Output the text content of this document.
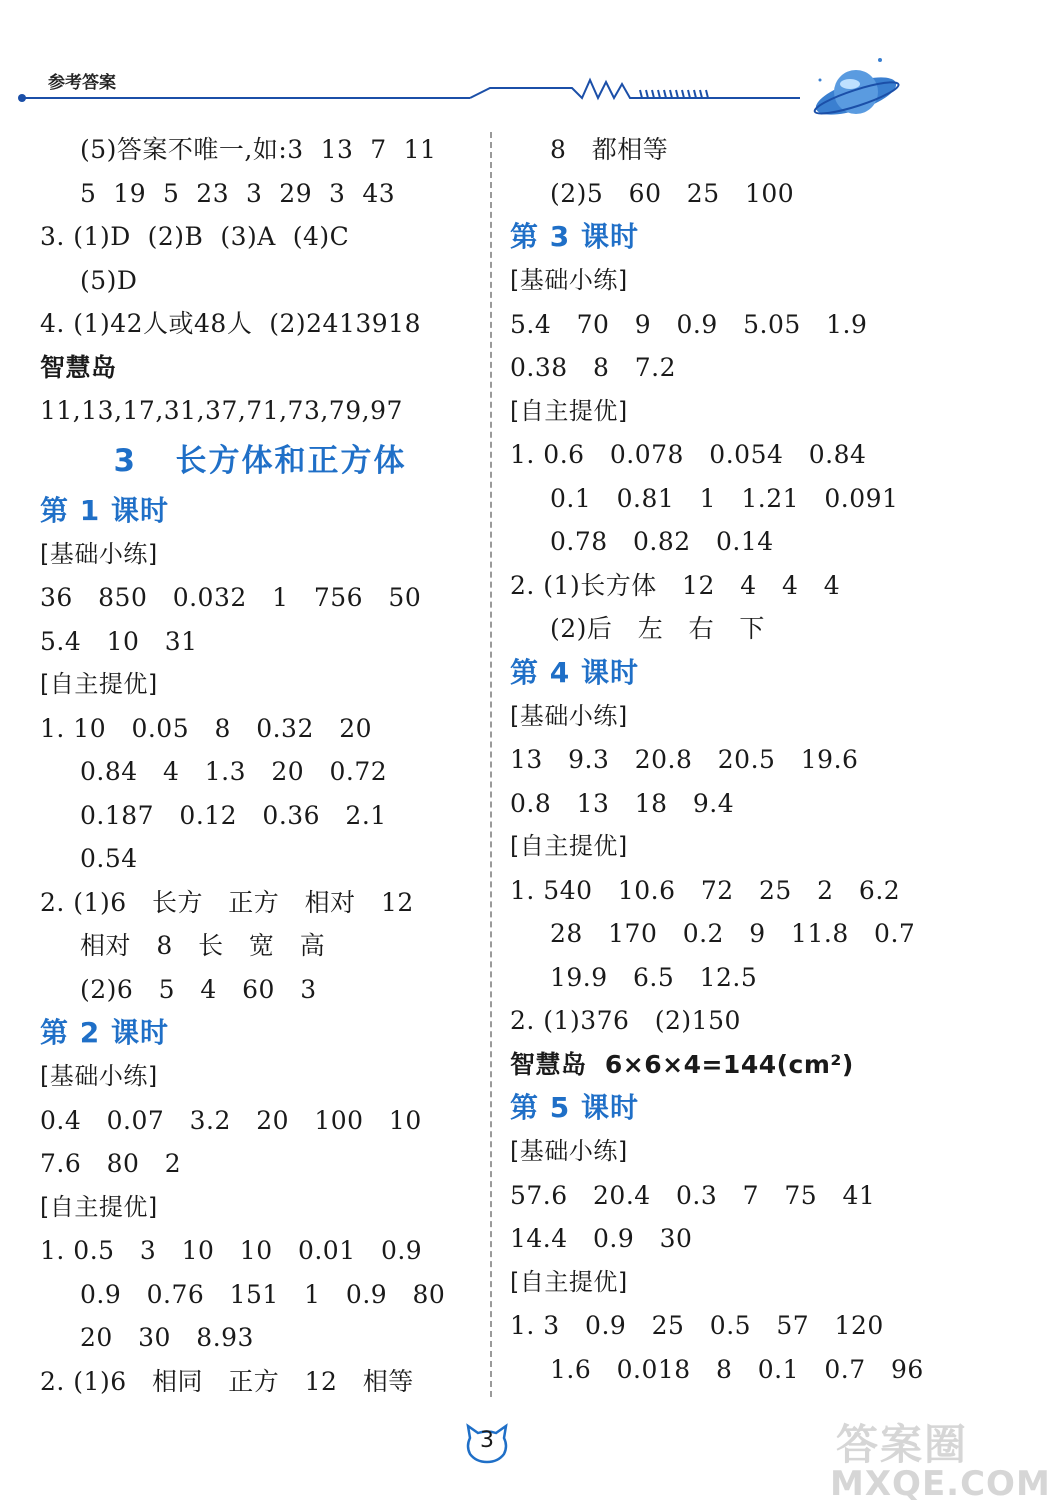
参考答案
(5)答案不唯一,如:3  13  7  11
5  19  5  23  3  29  3  43
3. (1)D  (2)B  (3)A  (4)C
(5)D
4. (1)42人或48人  (2)2413918
智慧岛
11,13,17,31,37,71,73,79,97
3   长方体和正方体
第 1 课时
[基础小练]
36   850   0.032   1   756   50
5.4   10   31
[自主提优]
1. 10   0.05   8   0.32   20
0.84   4   1.3   20   0.72
0.187   0.12   0.36   2.1
0.54
2. (1)6   长方   正方   相对   12
相对   8   长   宽   高
(2)6   5   4   60   3
第 2 课时
[基础小练]
0.4   0.07   3.2   20   100   10
7.6   80   2
[自主提优]
1. 0.5   3   10   10   0.01   0.9
0.9   0.76   151   1   0.9   80
20   30   8.93
2. (1)6   相同   正方   12   相等
8   都相等
(2)5   60   25   100
第 3 课时
[基础小练]
5.4   70   9   0.9   5.05   1.9
0.38   8   7.2
[自主提优]
1. 0.6   0.078   0.054   0.84
0.1   0.81   1   1.21   0.091
0.78   0.82   0.14
2. (1)长方体   12   4   4   4
(2)后   左   右   下
第 4 课时
[基础小练]
13   9.3   20.8   20.5   19.6
0.8   13   18   9.4
[自主提优]
1. 540   10.6   72   25   2   6.2
28   170   0.2   9   11.8   0.7
19.9   6.5   12.5
2. (1)376   (2)150
智慧岛  6×6×4=144(cm²)
第 5 课时
[基础小练]
57.6   20.4   0.3   7   75   41
14.4   0.9   30
[自主提优]
1. 3   0.9   25   0.5   57   120
1.6   0.018   8   0.1   0.7   96
3	答案圈
MXQE.COM
